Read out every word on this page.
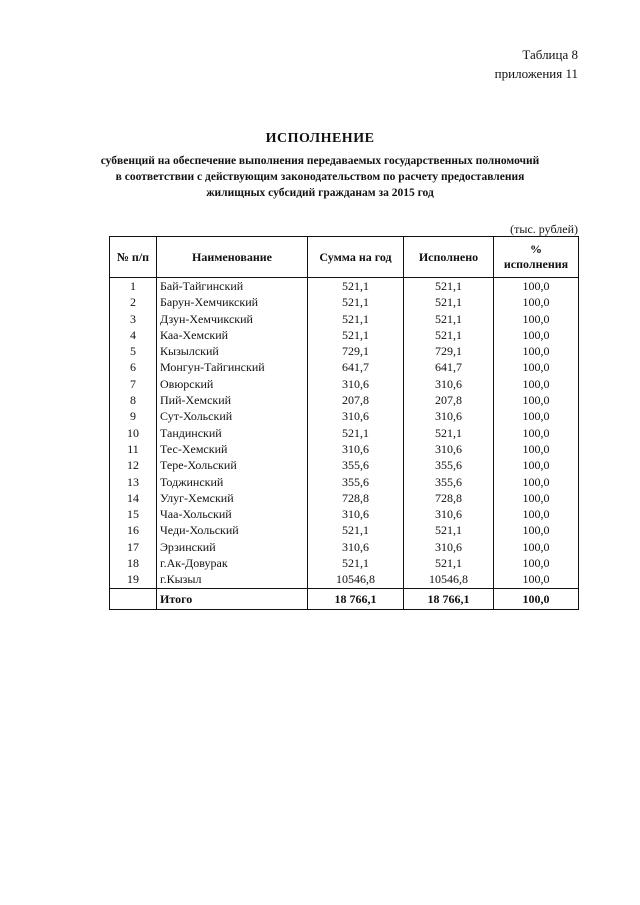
Таблица 8
приложения 11
ИСПОЛНЕНИЕ
субвенций на обеспечение выполнения передаваемых государственных полномочий
в соответствии с действующим законодательством по расчету предоставления
жилищных субсидий гражданам за 2015 год
(тыс. рублей)
№ п/п	Наименование	Сумма на год	Исполнено	%
исполнения

1	Бай-Тайгинский	521,1	521,1	100,0
2	Барун-Хемчикский	521,1	521,1	100,0
3	Дзун-Хемчикский	521,1	521,1	100,0
4	Каа-Хемский	521,1	521,1	100,0
5	Кызылский	729,1	729,1	100,0
6	Монгун-Тайгинский	641,7	641,7	100,0
7	Овюрский	310,6	310,6	100,0
8	Пий-Хемский	207,8	207,8	100,0
9	Сут-Хольский	310,6	310,6	100,0
10	Тандинский	521,1	521,1	100,0
11	Тес-Хемский	310,6	310,6	100,0
12	Тере-Хольский	355,6	355,6	100,0
13	Тоджинский	355,6	355,6	100,0
14	Улуг-Хемский	728,8	728,8	100,0
15	Чаа-Хольский	310,6	310,6	100,0
16	Чеди-Хольский	521,1	521,1	100,0
17	Эрзинский	310,6	310,6	100,0
18	г.Ак-Довурак	521,1	521,1	100,0
19	г.Кызыл	10546,8	10546,8	100,0
	Итого	18 766,1	18 766,1	100,0
